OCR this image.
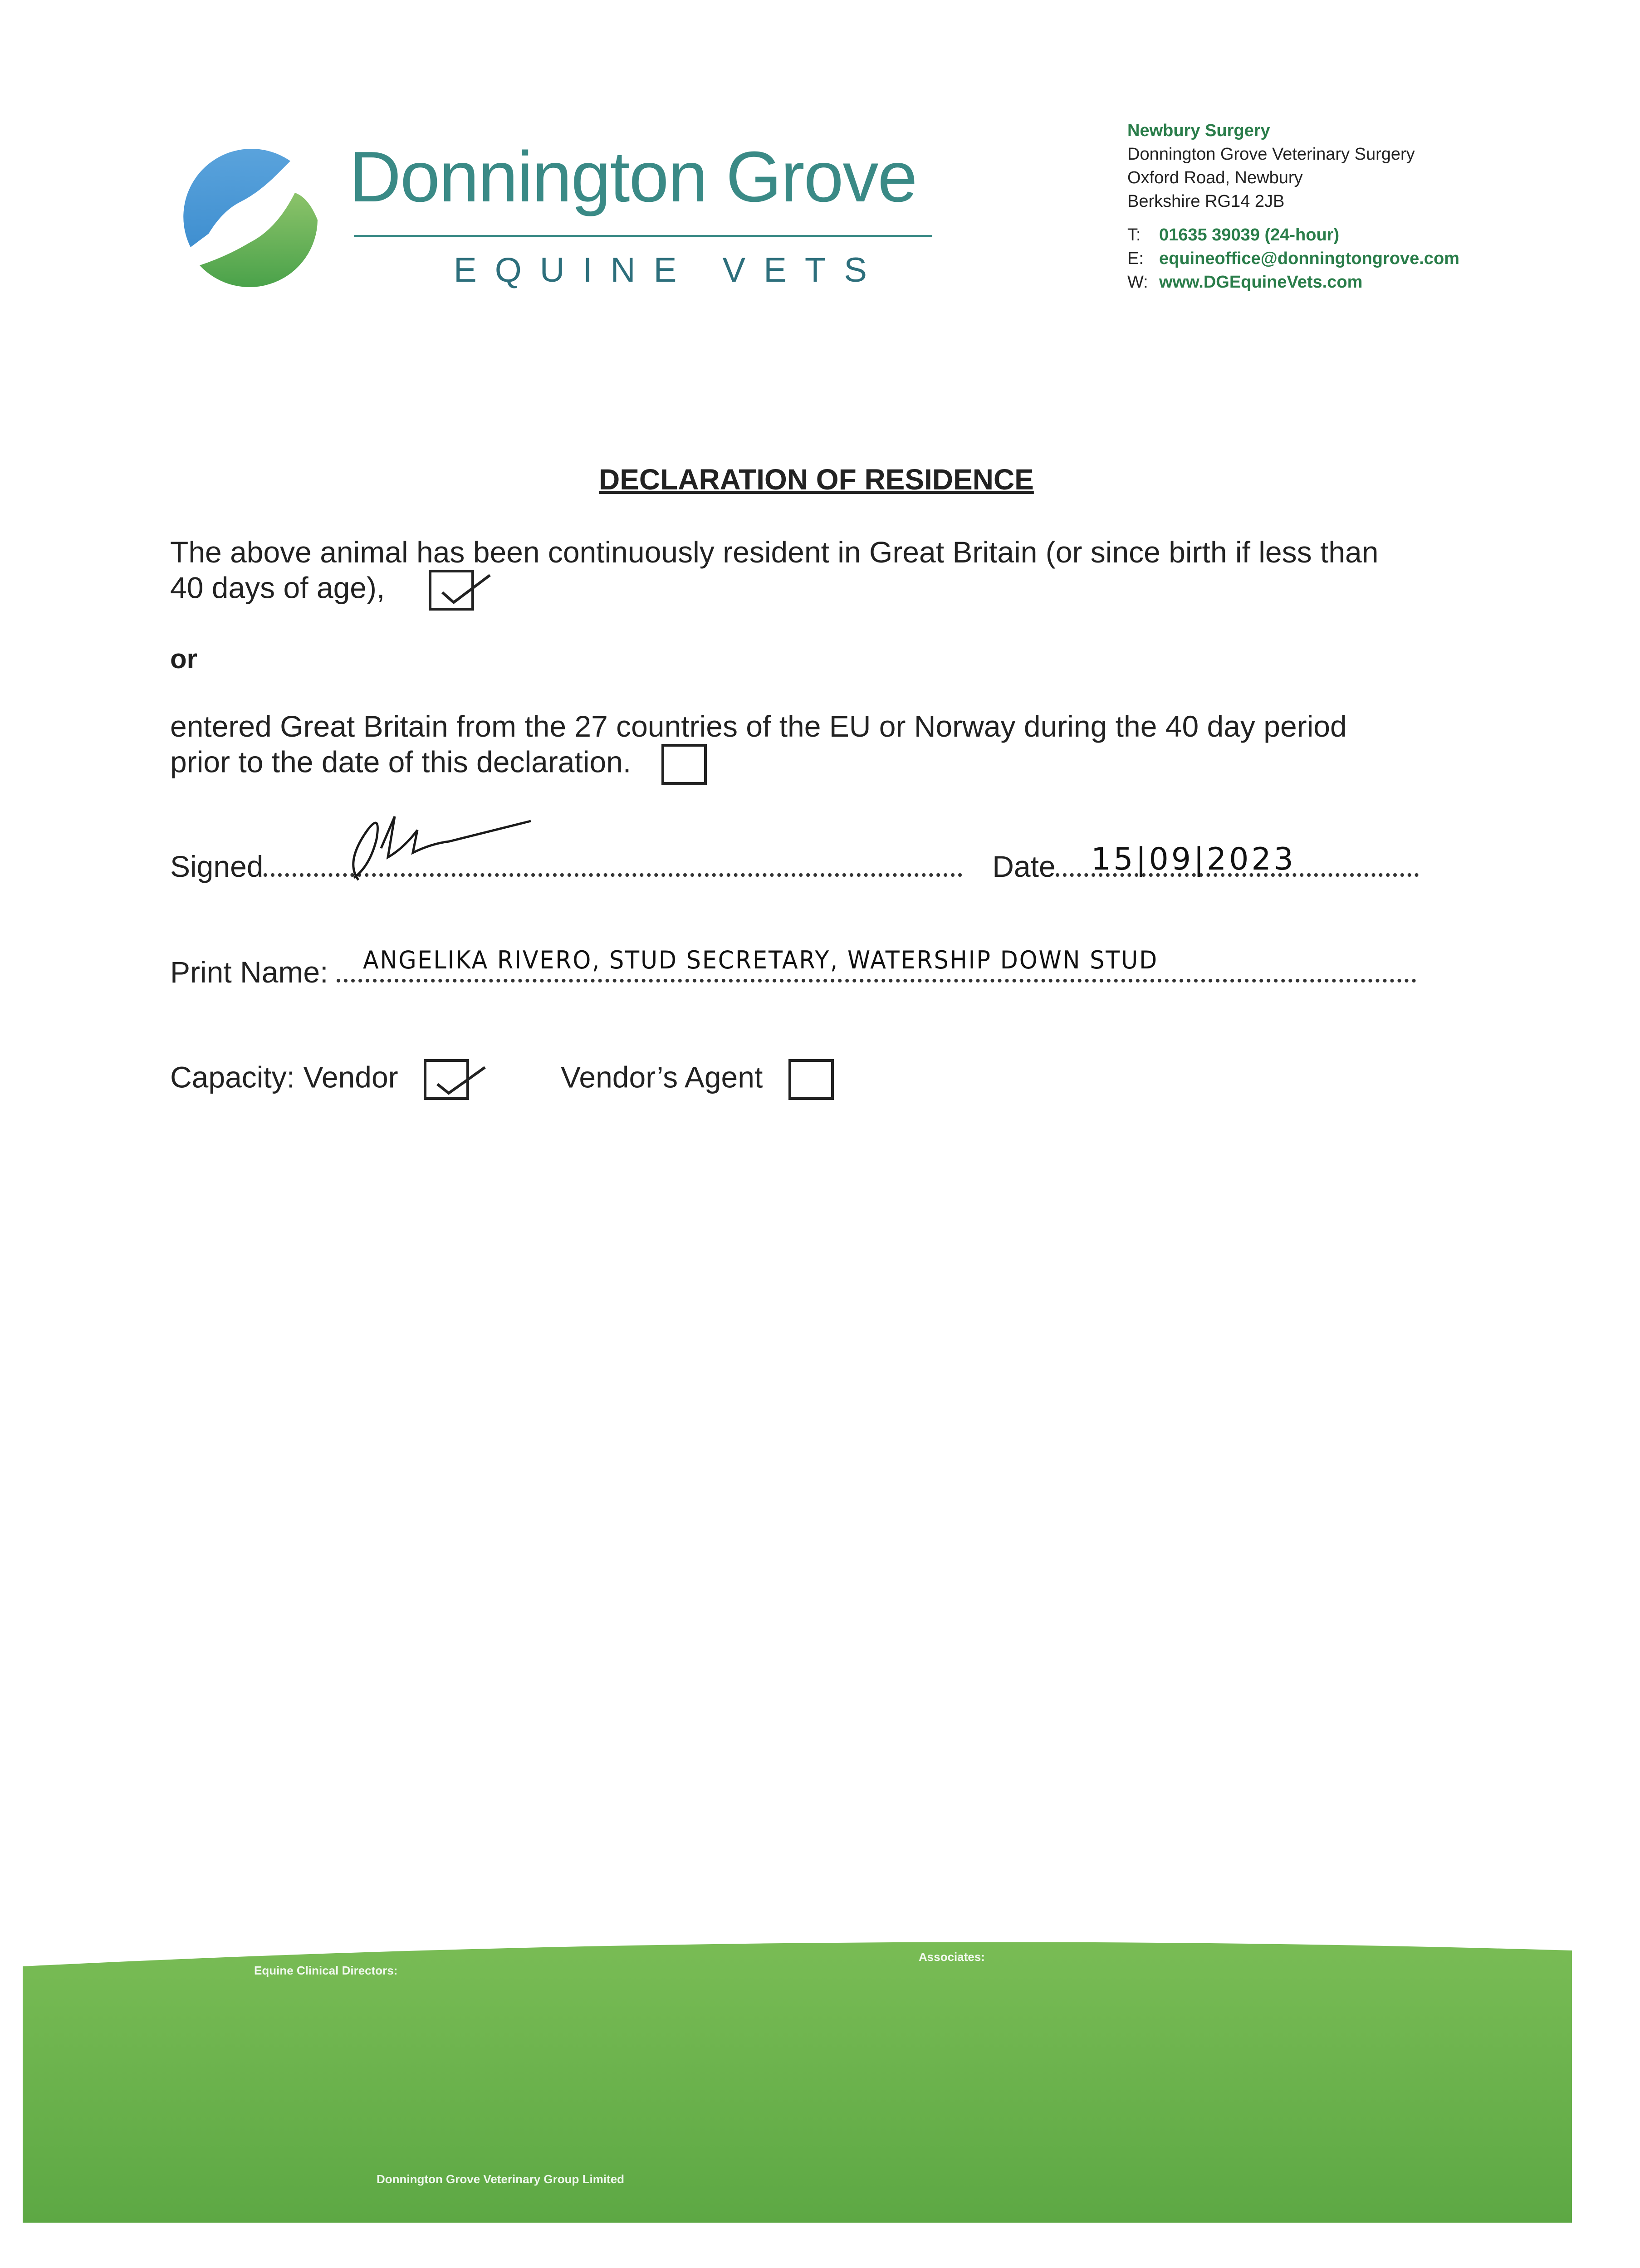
Donnington Grove
EQUINE VETS
Newbury Surgery
Donnington Grove Veterinary Surgery
Oxford Road, Newbury
Berkshire RG14 2JB
T: 01635 39039 (24-hour)
E: equineoffice@donningtongrove.com
W: www.DGEquineVets.com
DECLARATION OF RESIDENCE
The above animal has been continuously resident in Great Britain (or since birth if less than
40 days of age),
or
entered Great Britain from the 27 countries of the EU or Norway during the 40 day period
prior to the date of this declaration.
Signed	Date	15|09|2023
Print Name:	ANGELIKA RIVERO, STUD SECRETARY, WATERSHIP DOWN STUD
Capacity: Vendor	Vendor’s Agent
Equine Clinical Directors:
Associates:
Donnington Grove Veterinary Group Limited
